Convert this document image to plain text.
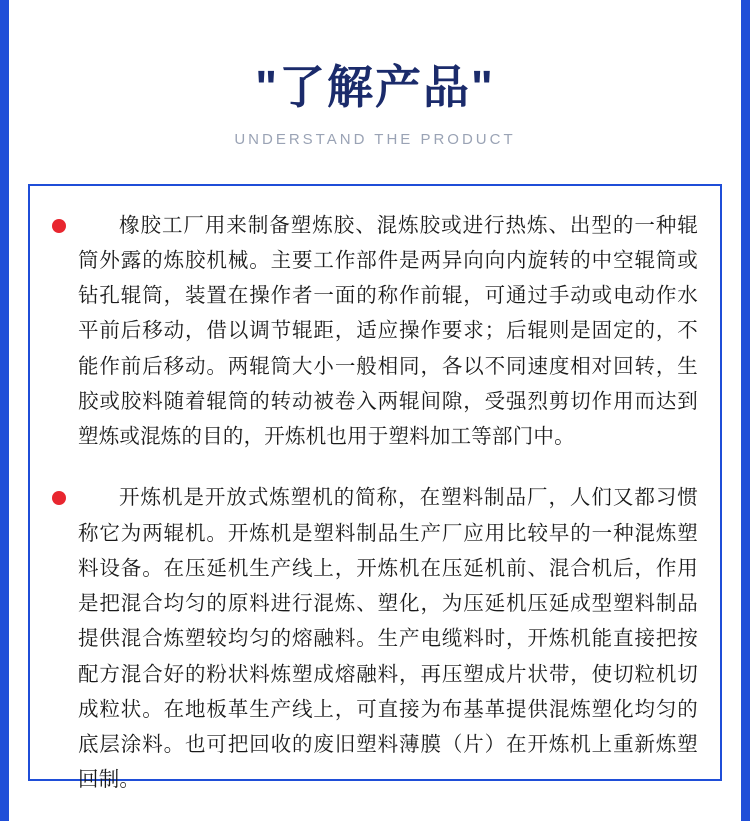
"了解产品"
UNDERSTAND THE PRODUCT
橡胶工厂用来制备塑炼胶、混炼胶或进行热炼、出型的一种辊筒外露的炼胶机械。主要工作部件是两异向向内旋转的中空辊筒或钻孔辊筒，装置在操作者一面的称作前辊，可通过手动或电动作水平前后移动，借以调节辊距，适应操作要求；后辊则是固定的，不能作前后移动。两辊筒大小一般相同，各以不同速度相对回转，生胶或胶料随着辊筒的转动被卷入两辊间隙，受强烈剪切作用而达到塑炼或混炼的目的，开炼机也用于塑料加工等部门中。
开炼机是开放式炼塑机的简称，在塑料制品厂，人们又都习惯称它为两辊机。开炼机是塑料制品生产厂应用比较早的一种混炼塑料设备。在压延机生产线上，开炼机在压延机前、混合机后，作用是把混合均匀的原料进行混炼、塑化，为压延机压延成型塑料制品提供混合炼塑较均匀的熔融料。生产电缆料时，开炼机能直接把按配方混合好的粉状料炼塑成熔融料，再压塑成片状带，使切粒机切成粒状。在地板革生产线上，可直接为布基革提供混炼塑化均匀的底层涂料。也可把回收的废旧塑料薄膜（片）在开炼机上重新炼塑回制。
